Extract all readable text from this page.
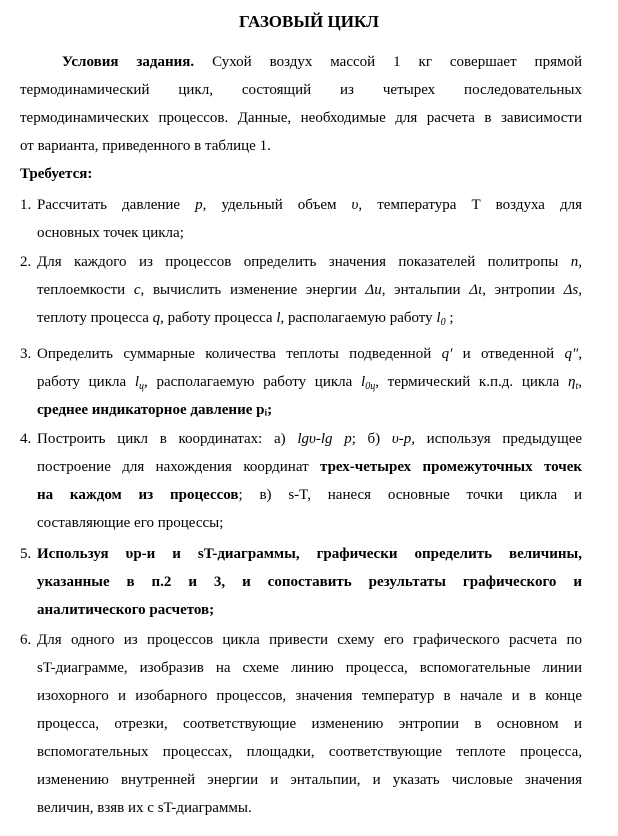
ГАЗОВЫЙ ЦИКЛ
Условия задания. Сухой воздух массой 1 кг совершает прямой
термодинамический цикл, состоящий из четырех последовательных
термодинамических процессов. Данные, необходимые для расчета в зависимости
от варианта, приведенного в таблице 1.
Требуется:
1. Рассчитать давление p, удельный объем υ, температура Т воздуха для
основных точек цикла;
2. Для каждого из процессов определить значения показателей политропы n,
теплоемкости с, вычислить изменение энергии Δu, энтальпии Δι, энтропии Δs,
теплоту процесса q, работу процесса l, располагаемую работу $l_0$ ;
3. Определить суммарные количества теплоты подведенной q′ и отведенной q″,
работу цикла $l_ц$, располагаемую работу цикла $l_{0ц}$, термический к.п.д. цикла $\eta_t$,
среднее индикаторное давление pᵢ;
4. Построить цикл в координатах: а) lgυ-lg p; б) υ-р, используя предыдущее
построение для нахождения координат трех-четырех промежуточных точек
на каждом из процессов; в) s-T, нанеся основные точки цикла и
составляющие его процессы;
5. Используя υр-и и sT-диаграммы, графически определить величины,
указанные в п.2 и 3, и сопоставить результаты графического и
аналитического расчетов;
6. Для одного из процессов цикла привести схему его графического расчета по
sT-диаграмме, изобразив на схеме линию процесса, вспомогательные линии
изохорного и изобарного процессов, значения температур в начале и в конце
процесса, отрезки, соответствующие изменению энтропии в основном и
вспомогательных процессах, площадки, соответствующие теплоте процесса,
изменению внутренней энергии и энтальпии, и указать числовые значения
величин, взяв их с sT-диаграммы.
